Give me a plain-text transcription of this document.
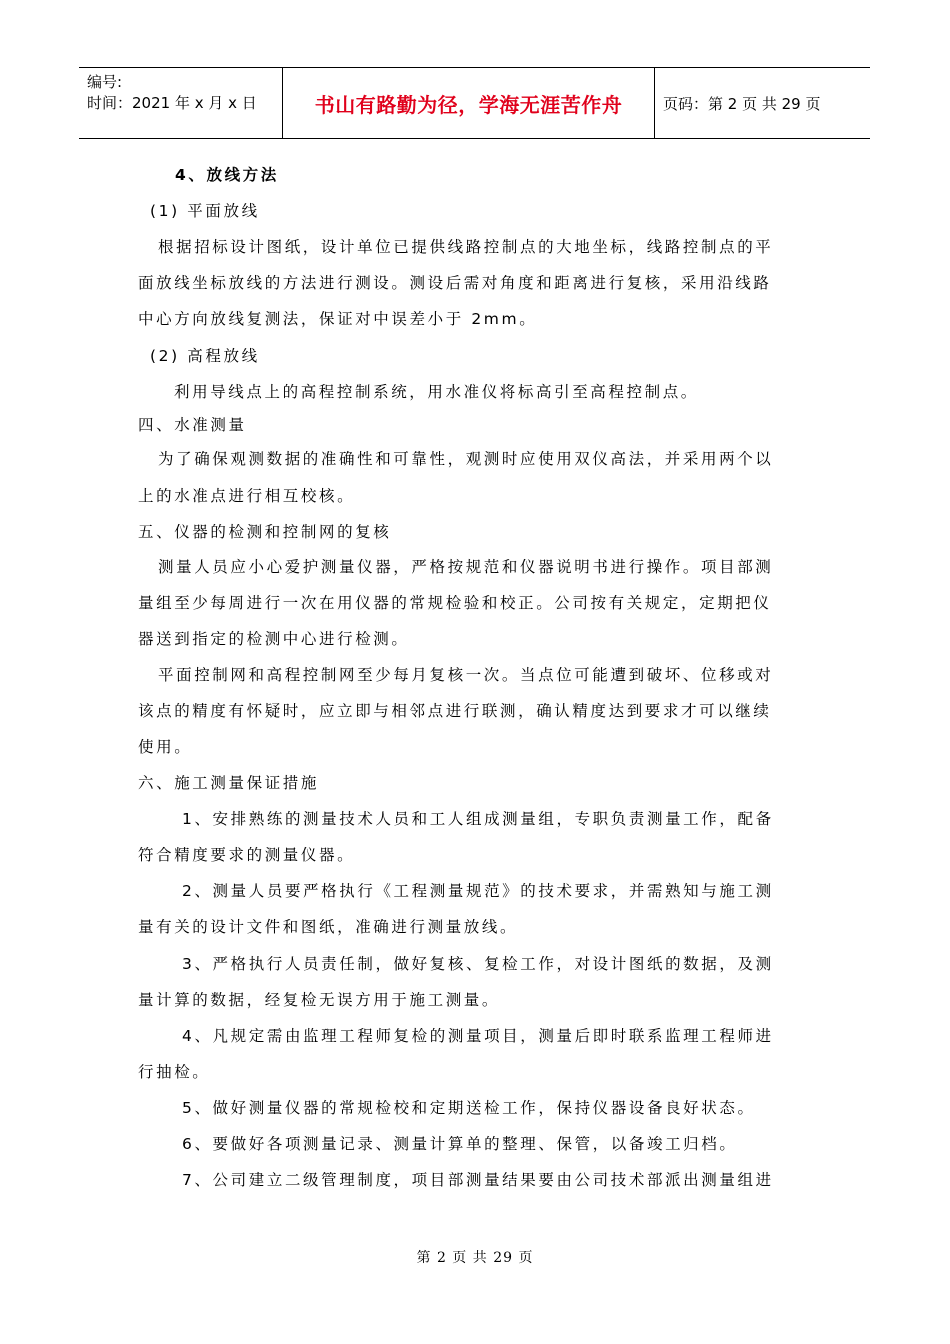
编号:
时间：2021 年 x 月 x 日	书山有路勤为径，学海无涯苦作舟	页码：第 2 页 共 29 页
4、放线方法
(1) 平面放线
根据招标设计图纸，设计单位已提供线路控制点的大地坐标，线路控制点的平
面放线坐标放线的方法进行测设。测设后需对角度和距离进行复核，采用沿线路
中心方向放线复测法，保证对中误差小于 2mm。
(2) 高程放线
利用导线点上的高程控制系统，用水准仪将标高引至高程控制点。
四、水准测量
为了确保观测数据的准确性和可靠性，观测时应使用双仪高法，并采用两个以
上的水准点进行相互校核。
五、仪器的检测和控制网的复核
测量人员应小心爱护测量仪器，严格按规范和仪器说明书进行操作。项目部测
量组至少每周进行一次在用仪器的常规检验和校正。公司按有关规定，定期把仪
器送到指定的检测中心进行检测。
平面控制网和高程控制网至少每月复核一次。当点位可能遭到破坏、位移或对
该点的精度有怀疑时，应立即与相邻点进行联测，确认精度达到要求才可以继续
使用。
六、施工测量保证措施
1、安排熟练的测量技术人员和工人组成测量组，专职负责测量工作，配备
符合精度要求的测量仪器。
2、测量人员要严格执行《工程测量规范》的技术要求，并需熟知与施工测
量有关的设计文件和图纸，准确进行测量放线。
3、严格执行人员责任制，做好复核、复检工作，对设计图纸的数据，及测
量计算的数据，经复检无误方用于施工测量。
4、凡规定需由监理工程师复检的测量项目，测量后即时联系监理工程师进
行抽检。
5、做好测量仪器的常规检校和定期送检工作，保持仪器设备良好状态。
6、要做好各项测量记录、测量计算单的整理、保管，以备竣工归档。
7、公司建立二级管理制度，项目部测量结果要由公司技术部派出测量组进
第 2 页 共 29 页
